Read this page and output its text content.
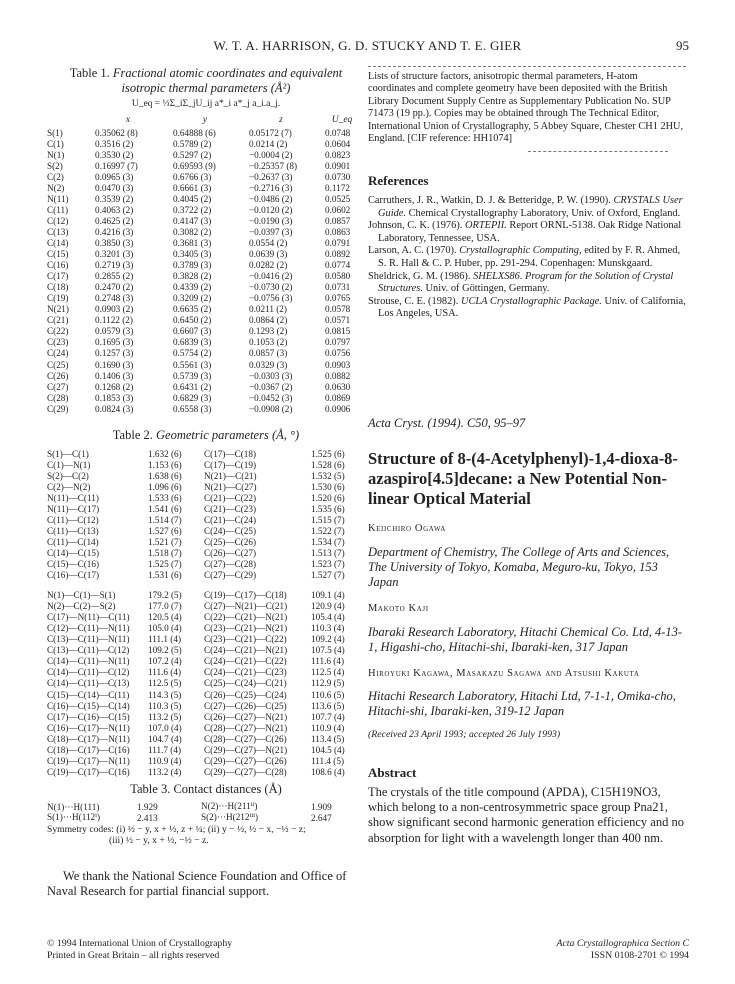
W. T. A. HARRISON, G. D. STUCKY AND T. E. GIER	95
Table 1. Fractional atomic coordinates and equivalent isotropic thermal parameters (Å²)
U_eq = ⅓Σ_iΣ_jU_ij a*_i a*_j a_i.a_j.
	x	y	z	U_eq
S(1)	0.35062 (8)	0.64888 (6)	0.05172 (7)	0.0748
C(1)	0.3516 (2)	0.5789 (2)	0.0214 (2)	0.0604
N(1)	0.3530 (2)	0.5297 (2)	−0.0004 (2)	0.0823
S(2)	0.16997 (7)	0.69593 (9)	−0.25357 (8)	0.0901
C(2)	0.0965 (3)	0.6766 (3)	−0.2637 (3)	0.0730
N(2)	0.0470 (3)	0.6661 (3)	−0.2716 (3)	0.1172
N(11)	0.3539 (2)	0.4045 (2)	−0.0486 (2)	0.0525
C(11)	0.4063 (2)	0.3722 (2)	−0.0120 (2)	0.0602
C(12)	0.4625 (2)	0.4147 (3)	−0.0190 (3)	0.0857
C(13)	0.4216 (3)	0.3082 (2)	−0.0397 (3)	0.0863
C(14)	0.3850 (3)	0.3681 (3)	0.0554 (2)	0.0791
C(15)	0.3201 (3)	0.3405 (3)	0.0639 (3)	0.0892
C(16)	0.2719 (3)	0.3789 (3)	0.0282 (2)	0.0774
C(17)	0.2855 (2)	0.3828 (2)	−0.0416 (2)	0.0580
C(18)	0.2470 (2)	0.4339 (2)	−0.0730 (2)	0.0731
C(19)	0.2748 (3)	0.3209 (2)	−0.0756 (3)	0.0765
N(21)	0.0903 (2)	0.6635 (2)	0.0211 (2)	0.0578
C(21)	0.1122 (2)	0.6450 (2)	0.0864 (2)	0.0571
C(22)	0.0579 (3)	0.6607 (3)	0.1293 (2)	0.0815
C(23)	0.1695 (3)	0.6839 (3)	0.1053 (2)	0.0797
C(24)	0.1257 (3)	0.5754 (2)	0.0857 (3)	0.0756
C(25)	0.1690 (3)	0.5561 (3)	0.0329 (3)	0.0903
C(26)	0.1406 (3)	0.5739 (3)	−0.0303 (3)	0.0882
C(27)	0.1268 (2)	0.6431 (2)	−0.0367 (2)	0.0630
C(28)	0.1853 (3)	0.6829 (3)	−0.0452 (3)	0.0869
C(29)	0.0824 (3)	0.6558 (3)	−0.0908 (2)	0.0906
Table 2. Geometric parameters (Å, °)
S(1)—C(1)	1.632 (6)	C(17)—C(18)	1.525 (6)
C(1)—N(1)	1.153 (6)	C(17)—C(19)	1.528 (6)
S(2)—C(2)	1.638 (6)	N(21)—C(21)	1.532 (5)
C(2)—N(2)	1.096 (6)	N(21)—C(27)	1.530 (6)
N(11)—C(11)	1.533 (6)	C(21)—C(22)	1.520 (6)
N(11)—C(17)	1.541 (6)	C(21)—C(23)	1.535 (6)
C(11)—C(12)	1.514 (7)	C(21)—C(24)	1.515 (7)
C(11)—C(13)	1.527 (6)	C(24)—C(25)	1.522 (7)
C(11)—C(14)	1.521 (7)	C(25)—C(26)	1.534 (7)
C(14)—C(15)	1.518 (7)	C(26)—C(27)	1.513 (7)
C(15)—C(16)	1.525 (7)	C(27)—C(28)	1.523 (7)
C(16)—C(17)	1.531 (6)	C(27)—C(29)	1.527 (7)
N(1)—C(1)—S(1)	179.2 (5)	C(19)—C(17)—C(18)	109.1 (4)
N(2)—C(2)—S(2)	177.0 (7)	C(27)—N(21)—C(21)	120.9 (4)
C(17)—N(11)—C(11)	120.5 (4)	C(22)—C(21)—N(21)	105.4 (4)
C(12)—C(11)—N(11)	105.0 (4)	C(23)—C(21)—N(21)	110.3 (4)
C(13)—C(11)—N(11)	111.1 (4)	C(23)—C(21)—C(22)	109.2 (4)
C(13)—C(11)—C(12)	109.2 (5)	C(24)—C(21)—N(21)	107.5 (4)
C(14)—C(11)—N(11)	107.2 (4)	C(24)—C(21)—C(22)	111.6 (4)
C(14)—C(11)—C(12)	111.6 (4)	C(24)—C(21)—C(23)	112.5 (4)
C(14)—C(11)—C(13)	112.5 (5)	C(25)—C(24)—C(21)	112.9 (5)
C(15)—C(14)—C(11)	114.3 (5)	C(26)—C(25)—C(24)	110.6 (5)
C(16)—C(15)—C(14)	110.3 (5)	C(27)—C(26)—C(25)	113.6 (5)
C(17)—C(16)—C(15)	113.2 (5)	C(26)—C(27)—N(21)	107.7 (4)
C(16)—C(17)—N(11)	107.0 (4)	C(28)—C(27)—N(21)	110.9 (4)
C(18)—C(17)—N(11)	104.7 (4)	C(28)—C(27)—C(26)	113.4 (5)
C(18)—C(17)—C(16)	111.7 (4)	C(29)—C(27)—N(21)	104.5 (4)
C(19)—C(17)—N(11)	110.9 (4)	C(29)—C(27)—C(26)	111.4 (5)
C(19)—C(17)—C(16)	113.2 (4)	C(29)—C(27)—C(28)	108.6 (4)
Table 3. Contact distances (Å)
N(1)···H(111)	1.929	N(2)···H(211ⁱⁱ)	1.909
S(1)···H(112ⁱ)	2.413	S(2)···H(212ⁱⁱⁱ)	2.647
Symmetry codes: (i) ½ − y, x + ½, z + ¼; (ii) y − ½, ½ − x, −½ − z;
(iii) ½ − y, x + ½, −½ − z.
We thank the National Science Foundation and Office of Naval Research for partial financial support.
Lists of structure factors, anisotropic thermal parameters, H-atom coordinates and complete geometry have been deposited with the British Library Document Supply Centre as Supplementary Publication No. SUP 71473 (19 pp.). Copies may be obtained through The Technical Editor, International Union of Crystallography, 5 Abbey Square, Chester CH1 2HU, England. [CIF reference: HH1074]
References
Carruthers, J. R., Watkin, D. J. & Betteridge, P. W. (1990). CRYSTALS User Guide. Chemical Crystallography Laboratory, Univ. of Oxford, England.
Johnson, C. K. (1976). ORTEPII. Report ORNL-5138. Oak Ridge National Laboratory, Tennessee, USA.
Larson, A. C. (1970). Crystallographic Computing, edited by F. R. Ahmed, S. R. Hall & C. P. Huber, pp. 291-294. Copenhagen: Munskgaard.
Sheldrick, G. M. (1986). SHELXS86. Program for the Solution of Crystal Structures. Univ. of Göttingen, Germany.
Strouse, C. E. (1982). UCLA Crystallographic Package. Univ. of California, Los Angeles, USA.
Acta Cryst. (1994). C50, 95–97
Structure of 8-(4-Acetylphenyl)-1,4-dioxa-8-azaspiro[4.5]decane: a New Potential Non-linear Optical Material
Keiichiro Ogawa
Department of Chemistry, The College of Arts and Sciences, The University of Tokyo, Komaba, Meguro-ku, Tokyo, 153 Japan
Makoto Kaji
Ibaraki Research Laboratory, Hitachi Chemical Co. Ltd, 4-13-1, Higashi-cho, Hitachi-shi, Ibaraki-ken, 317 Japan
Hiroyuki Kagawa, Masakazu Sagawa and Atsushi Kakuta
Hitachi Research Laboratory, Hitachi Ltd, 7-1-1, Omika-cho, Hitachi-shi, Ibaraki-ken, 319-12 Japan
(Received 23 April 1993; accepted 26 July 1993)
Abstract
The crystals of the title compound (APDA), C15H19NO3, which belong to a non-centrosymmetric space group Pna21, show significant second harmonic generation efficiency and no absorption for light with a wavelength longer than 400 nm.
© 1994 International Union of Crystallography
Printed in Great Britain – all rights reserved
Acta Crystallographica Section C
ISSN 0108-2701 © 1994
